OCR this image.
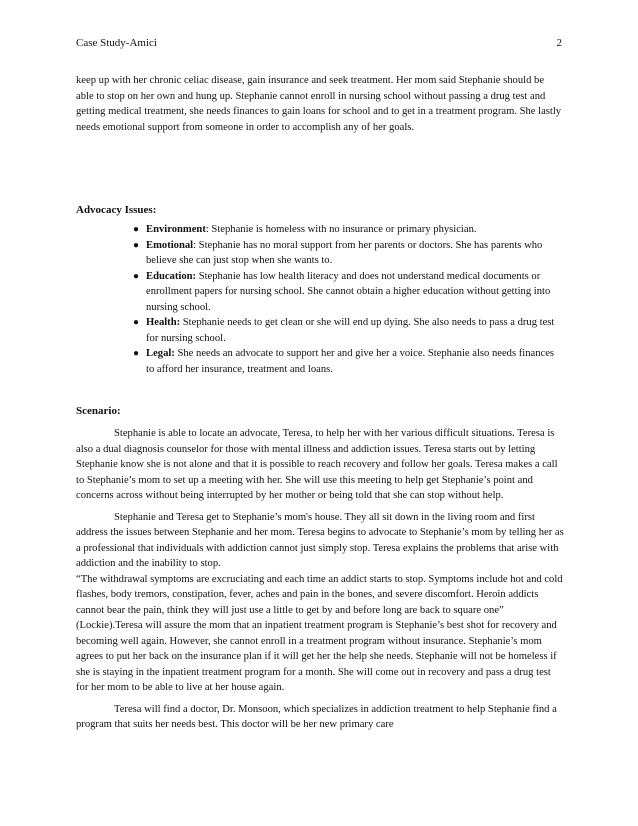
Case Study-Amici	2

keep up with her chronic celiac disease, gain insurance and seek treatment. Her mom said Stephanie should be able to stop on her own and hung up. Stephanie cannot enroll in nursing school without passing a drug test and getting medical treatment, she needs finances to gain loans for school and to get in a treatment program. She lastly needs emotional support from someone in order to accomplish any of her goals.

Advocacy Issues:
● Environment: Stephanie is homeless with no insurance or primary physician.
● Emotional: Stephanie has no moral support from her parents or doctors. She has parents who believe she can just stop when she wants to.
● Education: Stephanie has low health literacy and does not understand medical documents or enrollment papers for nursing school. She cannot obtain a higher education without getting into nursing school.
● Health: Stephanie needs to get clean or she will end up dying. She also needs to pass a drug test for nursing school.
● Legal: She needs an advocate to support her and give her a voice. Stephanie also needs finances to afford her insurance, treatment and loans.
Scenario:

Stephanie is able to locate an advocate, Teresa, to help her with her various difficult situations. Teresa is also a dual diagnosis counselor for those with mental illness and addiction issues. Teresa starts out by letting Stephanie know she is not alone and that it is possible to reach recovery and follow her goals. Teresa makes a call to Stephanie’s mom to set up a meeting with her. She will use this meeting to help get Stephanie’s point and concerns across without being interrupted by her mother or being told that she can stop without help.

Stephanie and Teresa get to Stephanie’s mom's house. They all sit down in the living room and first address the issues between Stephanie and her mom. Teresa begins to advocate to Stephanie’s mom by telling her as a professional that individuals with addiction cannot just simply stop. Teresa explains the problems that arise with addiction and the inability to stop.

“The withdrawal symptoms are excruciating and each time an addict starts to stop. Symptoms include hot and cold flashes, body tremors, constipation, fever, aches and pain in the bones, and severe discomfort. Heroin addicts cannot bear the pain, think they will just use a little to get by and before long are back to square one” (Lockie).Teresa will assure the mom that an inpatient treatment program is Stephanie’s best shot for recovery and becoming well again. However, she cannot enroll in a treatment program without insurance. Stephanie’s mom agrees to put her back on the insurance plan if it will get her the help she needs. Stephanie will not be homeless if she is staying in the inpatient treatment program for a month. She will come out in recovery and pass a drug test for her mom to be able to live at her house again.

Teresa will find a doctor, Dr. Monsoon, which specializes in addiction treatment to help Stephanie find a program that suits her needs best. This doctor will be her new primary care
